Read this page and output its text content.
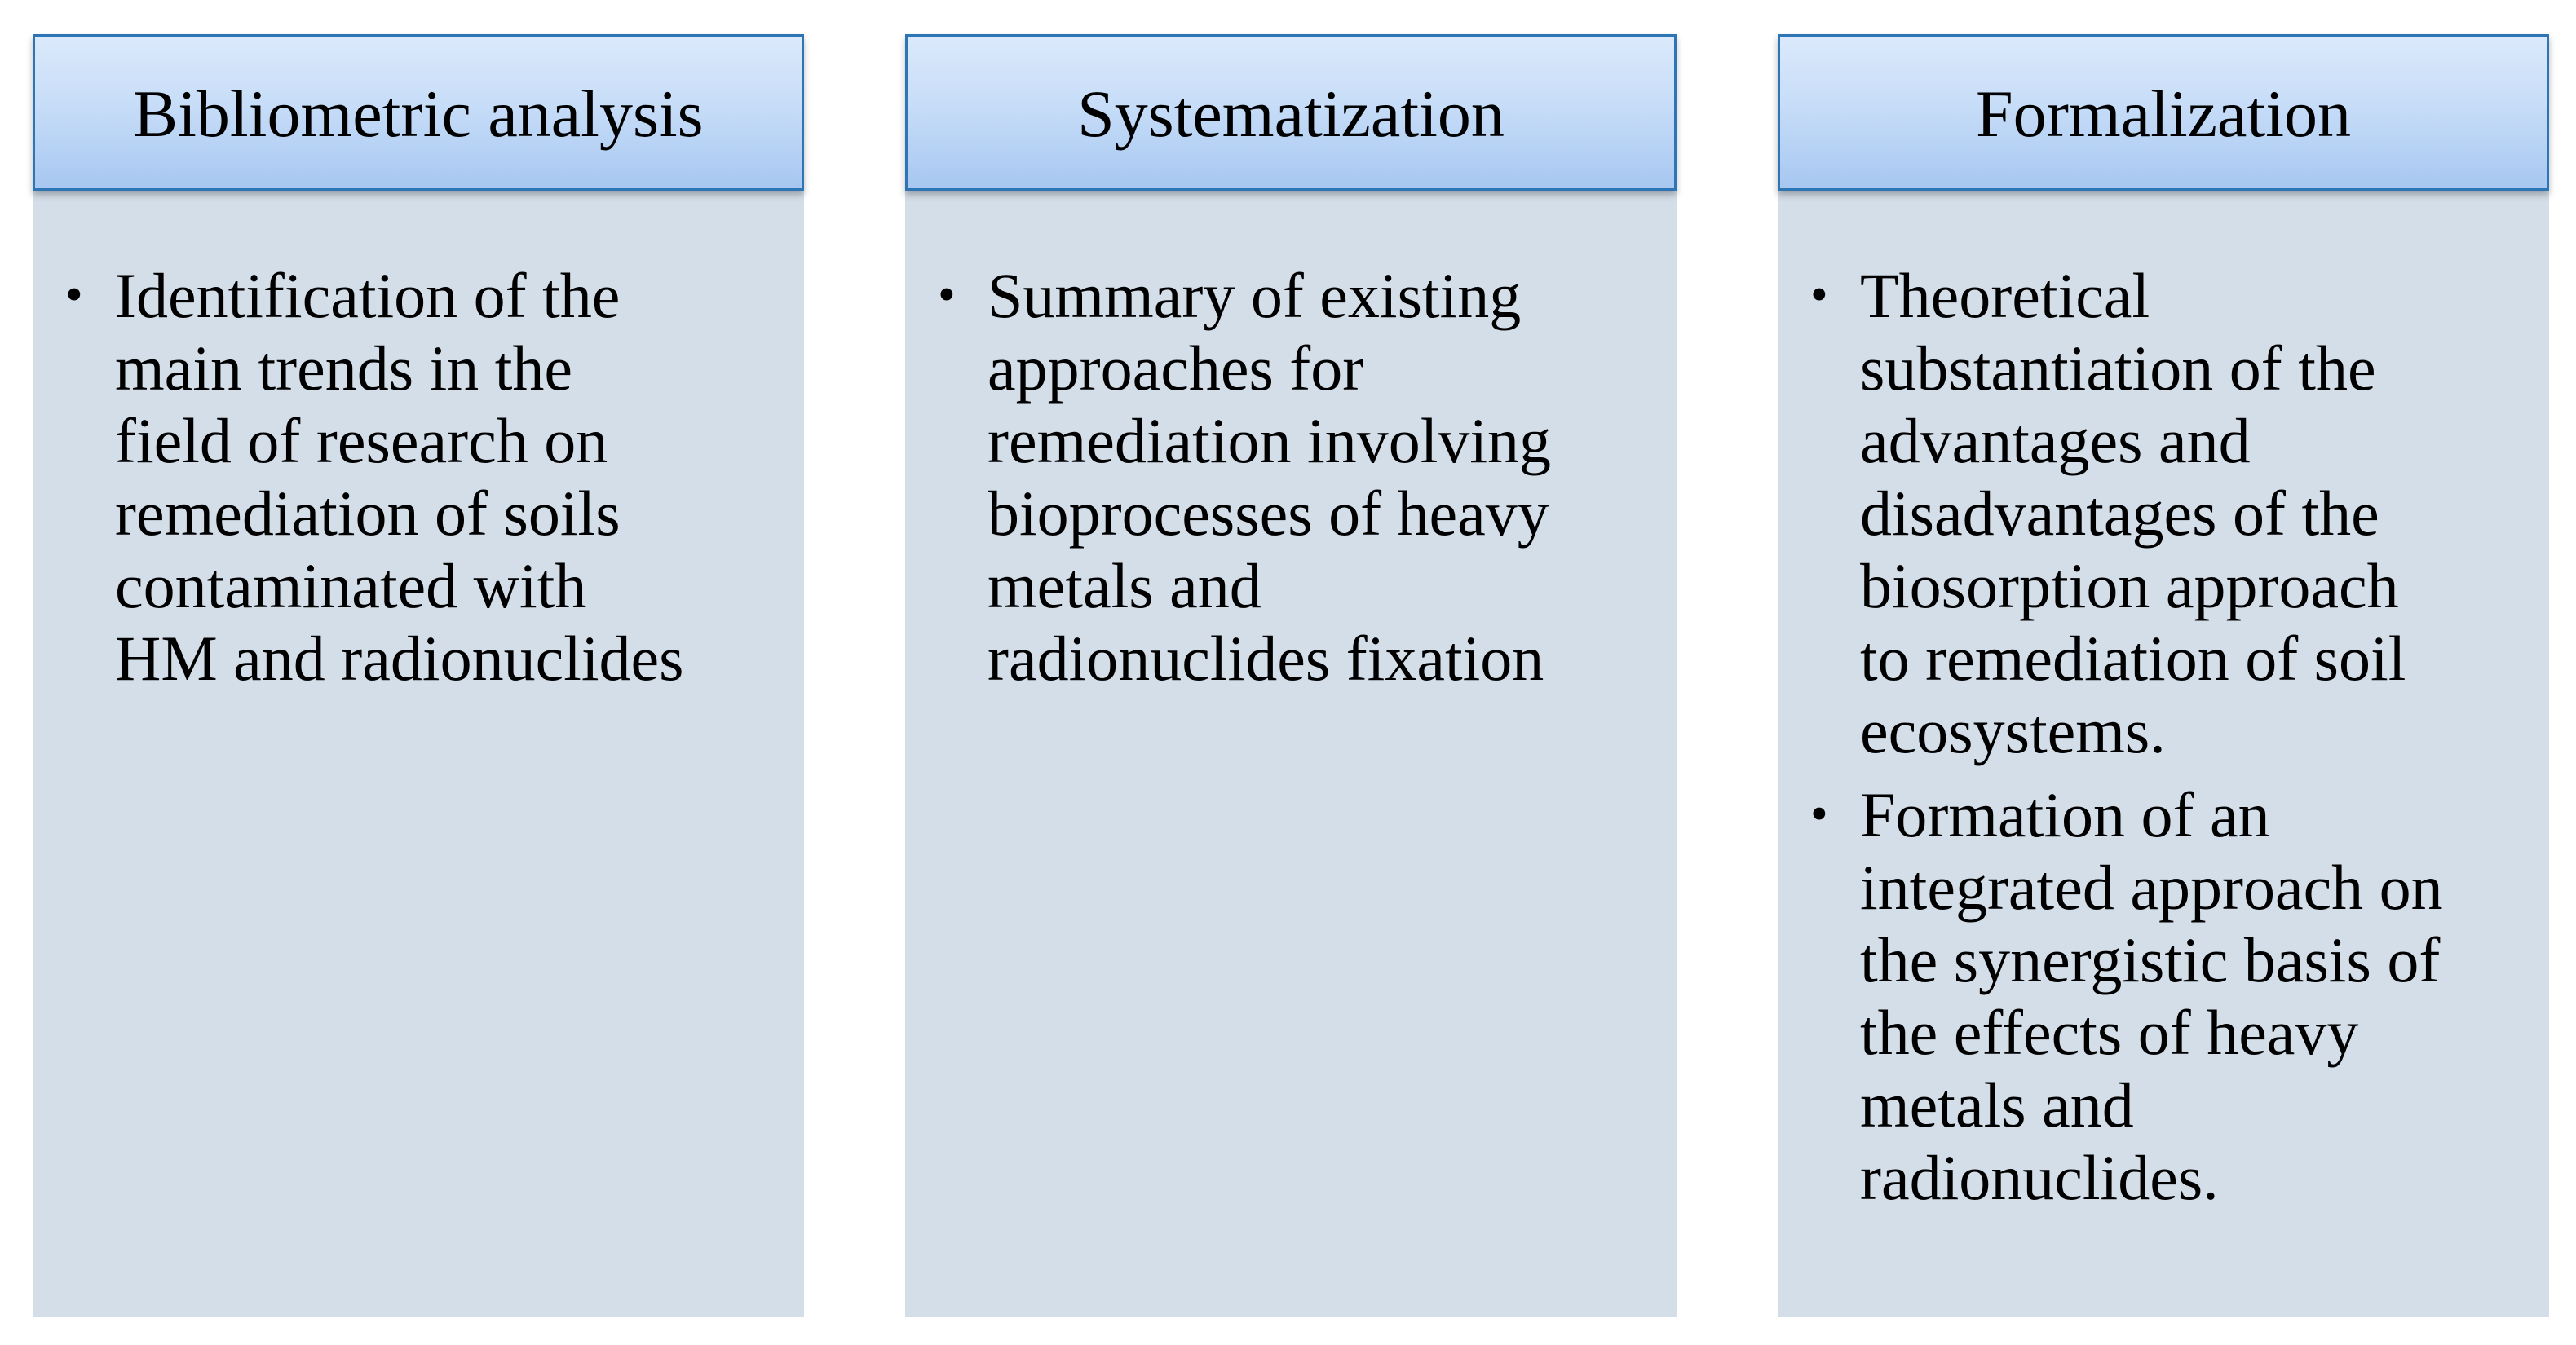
Bibliometric analysis
• Identification of the
main trends in the
field of research on
remediation of soils
contaminated with
HM and radionuclides
Systematization
• Summary of existing
approaches for
remediation involving
bioprocesses of heavy
metals and
radionuclides fixation
Formalization
• Theoretical
substantiation of the
advantages and
disadvantages of the
biosorption approach
to remediation of soil
ecosystems.
• Formation of an
integrated approach on
the synergistic basis of
the effects of heavy
metals and
radionuclides.
